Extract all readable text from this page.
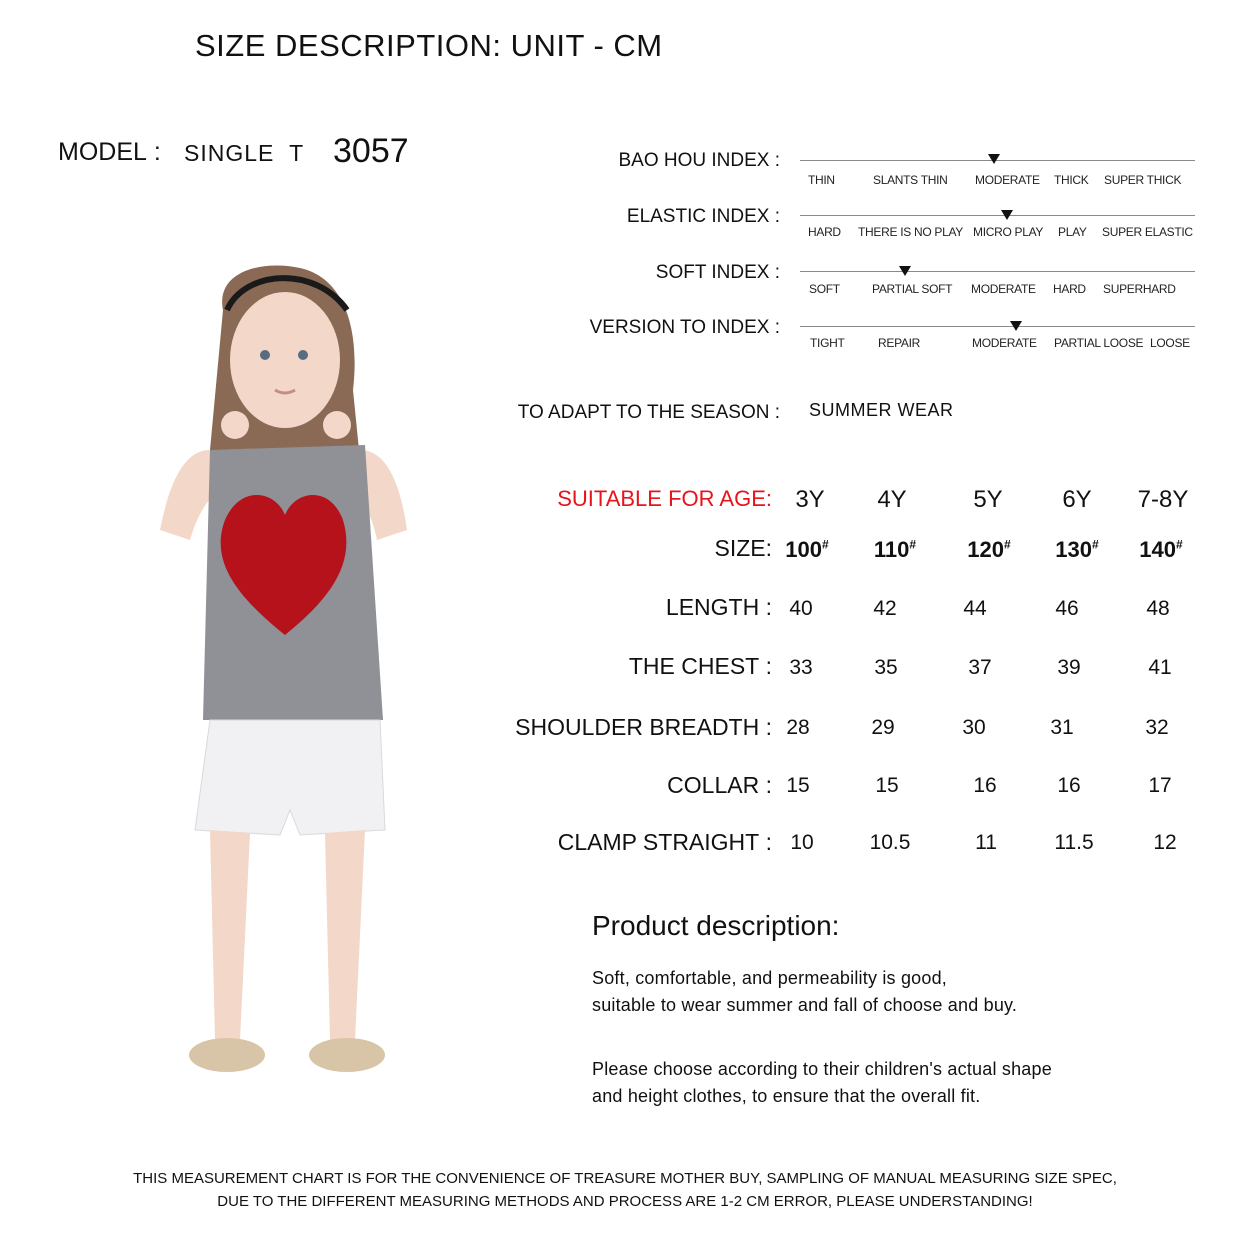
SIZE DESCRIPTION: UNIT - CM
MODEL : SINGLE  T 3057	BAO HOU INDEX :
THIN	SLANTS THIN MODERATE THICK SUPER THICK
ELASTIC INDEX :
HARD THERE IS NO PLAY MICRO PLAY PLAY SUPER ELASTIC
SOFT INDEX :
SOFT	PARTIAL SOFT MODERATE HARD SUPERHARD
VERSION TO INDEX :
TIGHT	REPAIR	MODERATE PARTIAL LOOSE LOOSE
TO ADAPT TO THE SEASON : SUMMER WEAR
SUITABLE FOR AGE: 3Y	4Y	5Y	6Y	7-8Y
SIZE: 100#	110#	120#	130#	140#
LENGTH : 40	42	44	46	48
THE CHEST : 33	35	37	39	41
SHOULDER BREADTH : 28	29	30	31	32
COLLAR : 15	15	16	16	17
CLAMP STRAIGHT : 10	10.5	11	11.5	12
Product description:
Soft, comfortable, and permeability is good,
suitable to wear summer and fall of choose and buy.
Please choose according to their children's actual shape
and height clothes, to ensure that the overall fit.
THIS MEASUREMENT CHART IS FOR THE CONVENIENCE OF TREASURE MOTHER BUY, SAMPLING OF MANUAL MEASURING SIZE SPEC,
DUE TO THE DIFFERENT MEASURING METHODS AND PROCESS ARE 1-2 CM ERROR, PLEASE UNDERSTANDING!
